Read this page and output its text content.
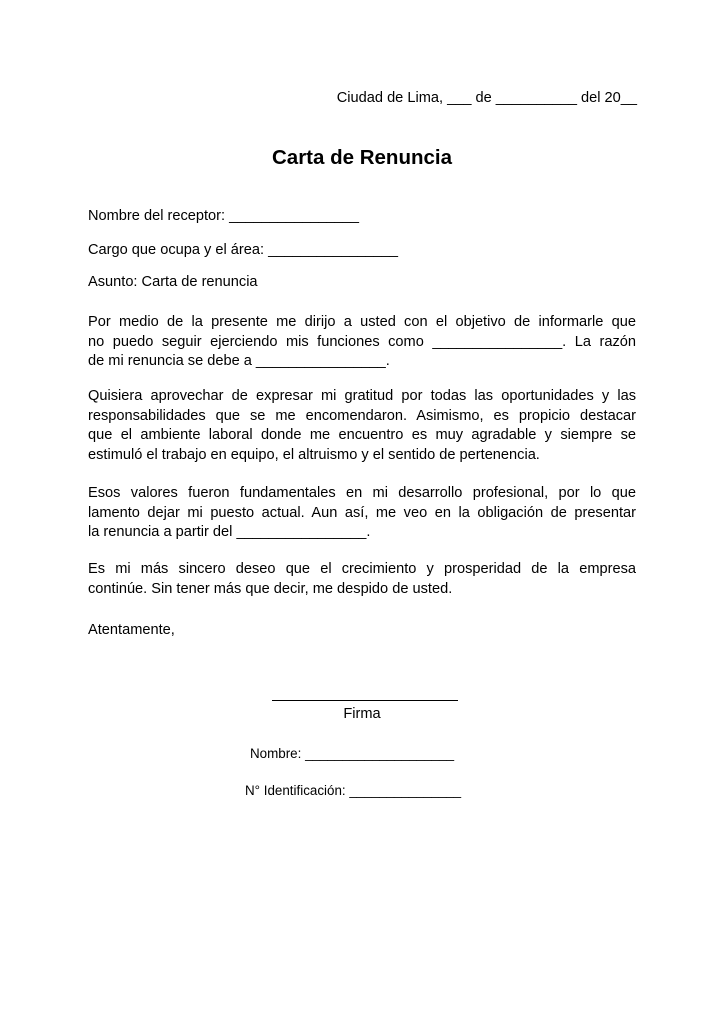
Ciudad de Lima, ___ de __________ del 20__
Carta de Renuncia
Nombre del receptor: ________________
Cargo que ocupa y el área: ________________
Asunto: Carta de renuncia
Por medio de la presente me dirijo a usted con el objetivo de informarle que
no puedo seguir ejerciendo mis funciones como ________________. La razón
de mi renuncia se debe a ________________.
Quisiera aprovechar de expresar mi gratitud por todas las oportunidades y las
responsabilidades que se me encomendaron. Asimismo, es propicio destacar
que el ambiente laboral donde me encuentro es muy agradable y siempre se
estimuló el trabajo en equipo, el altruismo y el sentido de pertenencia.
Esos valores fueron fundamentales en mi desarrollo profesional, por lo que
lamento dejar mi puesto actual. Aun así, me veo en la obligación de presentar
la renuncia a partir del ________________.
Es mi más sincero deseo que el crecimiento y prosperidad de la empresa
continúe. Sin tener más que decir, me despido de usted.
Atentamente,
Firma
Nombre: ____________________
N° Identificación: _______________
